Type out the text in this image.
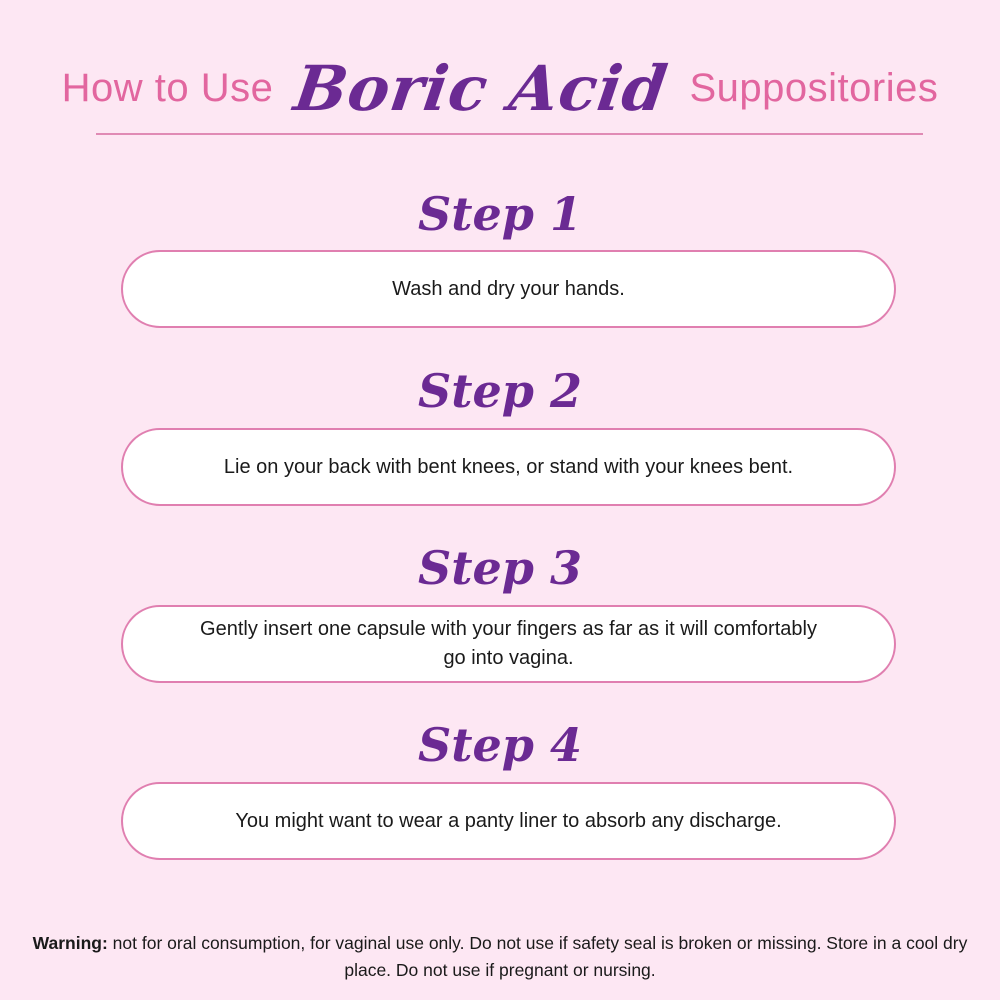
How to Use Boric Acid Suppositories
Step 1
Wash and dry your hands.
Step 2
Lie on your back with bent knees, or stand with your knees bent.
Step 3
Gently insert one capsule with your fingers as far as it will comfortably go into vagina.
Step 4
You might want to wear a panty liner to absorb any discharge.
Warning: not for oral consumption, for vaginal use only. Do not use if safety seal is broken or missing. Store in a cool dry place. Do not use if pregnant or nursing.
